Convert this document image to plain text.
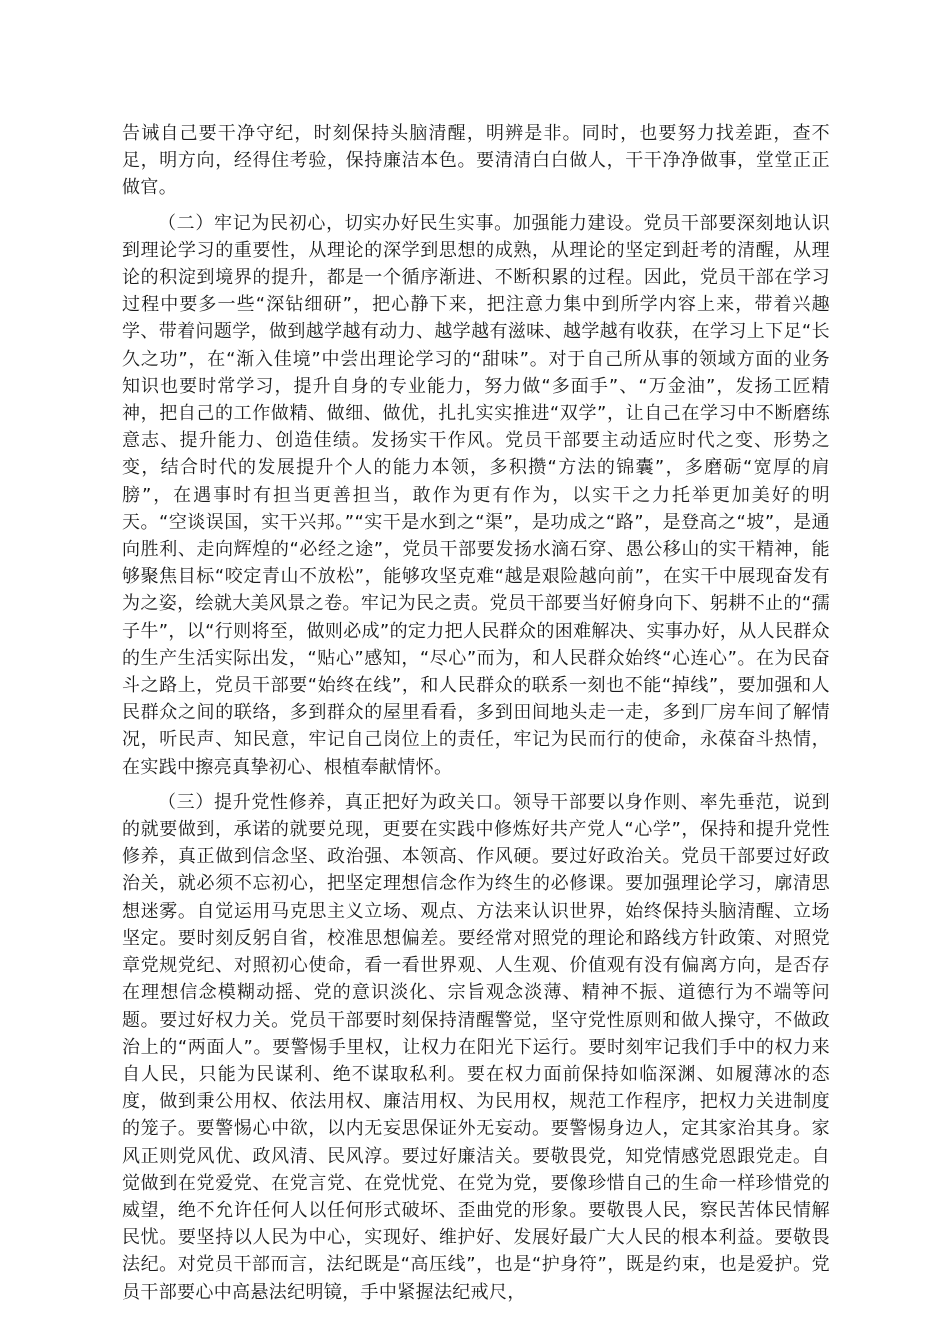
告诫自己要干净守纪，时刻保持头脑清醒，明辨是非。同时，也要努力找差距，查不足，明方向，经得住考验，保持廉洁本色。要清清白白做人，干干净净做事，堂堂正正做官。

（二）牢记为民初心，切实办好民生实事。加强能力建设。党员干部要深刻地认识到理论学习的重要性，从理论的深学到思想的成熟，从理论的坚定到赶考的清醒，从理论的积淀到境界的提升，都是一个循序渐进、不断积累的过程。因此，党员干部在学习过程中要多一些“深钻细研”，把心静下来，把注意力集中到所学内容上来，带着兴趣学、带着问题学，做到越学越有动力、越学越有滋味、越学越有收获，在学习上下足“长久之功”，在“渐入佳境”中尝出理论学习的“甜味”。对于自己所从事的领域方面的业务知识也要时常学习，提升自身的专业能力，努力做“多面手”、“万金油”，发扬工匠精神，把自己的工作做精、做细、做优，扎扎实实推进“双学”，让自己在学习中不断磨练意志、提升能力、创造佳绩。发扬实干作风。党员干部要主动适应时代之变、形势之变，结合时代的发展提升个人的能力本领，多积攒“方法的锦囊”，多磨砺“宽厚的肩膀”，在遇事时有担当更善担当，敢作为更有作为，以实干之力托举更加美好的明天。“空谈误国，实干兴邦。”“实干是水到之“渠”，是功成之“路”，是登高之“坡”，是通向胜利、走向辉煌的“必经之途”，党员干部要发扬水滴石穿、愚公移山的实干精神，能够聚焦目标“咬定青山不放松”，能够攻坚克难“越是艰险越向前”，在实干中展现奋发有为之姿，绘就大美风景之卷。牢记为民之责。党员干部要当好俯身向下、躬耕不止的“孺子牛”，以“行则将至，做则必成”的定力把人民群众的困难解决、实事办好，从人民群众的生产生活实际出发，“贴心”感知，“尽心”而为，和人民群众始终“心连心”。在为民奋斗之路上，党员干部要“始终在线”，和人民群众的联系一刻也不能“掉线”，要加强和人民群众之间的联络，多到群众的屋里看看，多到田间地头走一走，多到厂房车间了解情况，听民声、知民意，牢记自己岗位上的责任，牢记为民而行的使命，永葆奋斗热情，在实践中擦亮真挚初心、根植奉献情怀。

（三）提升党性修养，真正把好为政关口。领导干部要以身作则、率先垂范，说到的就要做到，承诺的就要兑现，更要在实践中修炼好共产党人“心学”，保持和提升党性修养，真正做到信念坚、政治强、本领高、作风硬。要过好政治关。党员干部要过好政治关，就必须不忘初心，把坚定理想信念作为终生的必修课。要加强理论学习，廓清思想迷雾。自觉运用马克思主义立场、观点、方法来认识世界，始终保持头脑清醒、立场坚定。要时刻反躬自省，校准思想偏差。要经常对照党的理论和路线方针政策、对照党章党规党纪、对照初心使命，看一看世界观、人生观、价值观有没有偏离方向，是否存在理想信念模糊动摇、党的意识淡化、宗旨观念淡薄、精神不振、道德行为不端等问题。要过好权力关。党员干部要时刻保持清醒警觉，坚守党性原则和做人操守，不做政治上的“两面人”。要警惕手里权，让权力在阳光下运行。要时刻牢记我们手中的权力来自人民，只能为民谋利、绝不谋取私利。要在权力面前保持如临深渊、如履薄冰的态度，做到秉公用权、依法用权、廉洁用权、为民用权，规范工作程序，把权力关进制度的笼子。要警惕心中欲，以内无妄思保证外无妄动。要警惕身边人，定其家治其身。家风正则党风优、政风清、民风淳。要过好廉洁关。要敬畏党，知党情感党恩跟党走。自觉做到在党爱党、在党言党、在党忧党、在党为党，要像珍惜自己的生命一样珍惜党的威望，绝不允许任何人以任何形式破坏、歪曲党的形象。要敬畏人民，察民苦体民情解民忧。要坚持以人民为中心，实现好、维护好、发展好最广大人民的根本利益。要敬畏法纪。对党员干部而言，法纪既是“高压线”，也是“护身符”，既是约束，也是爱护。党员干部要心中高悬法纪明镜，手中紧握法纪戒尺，
